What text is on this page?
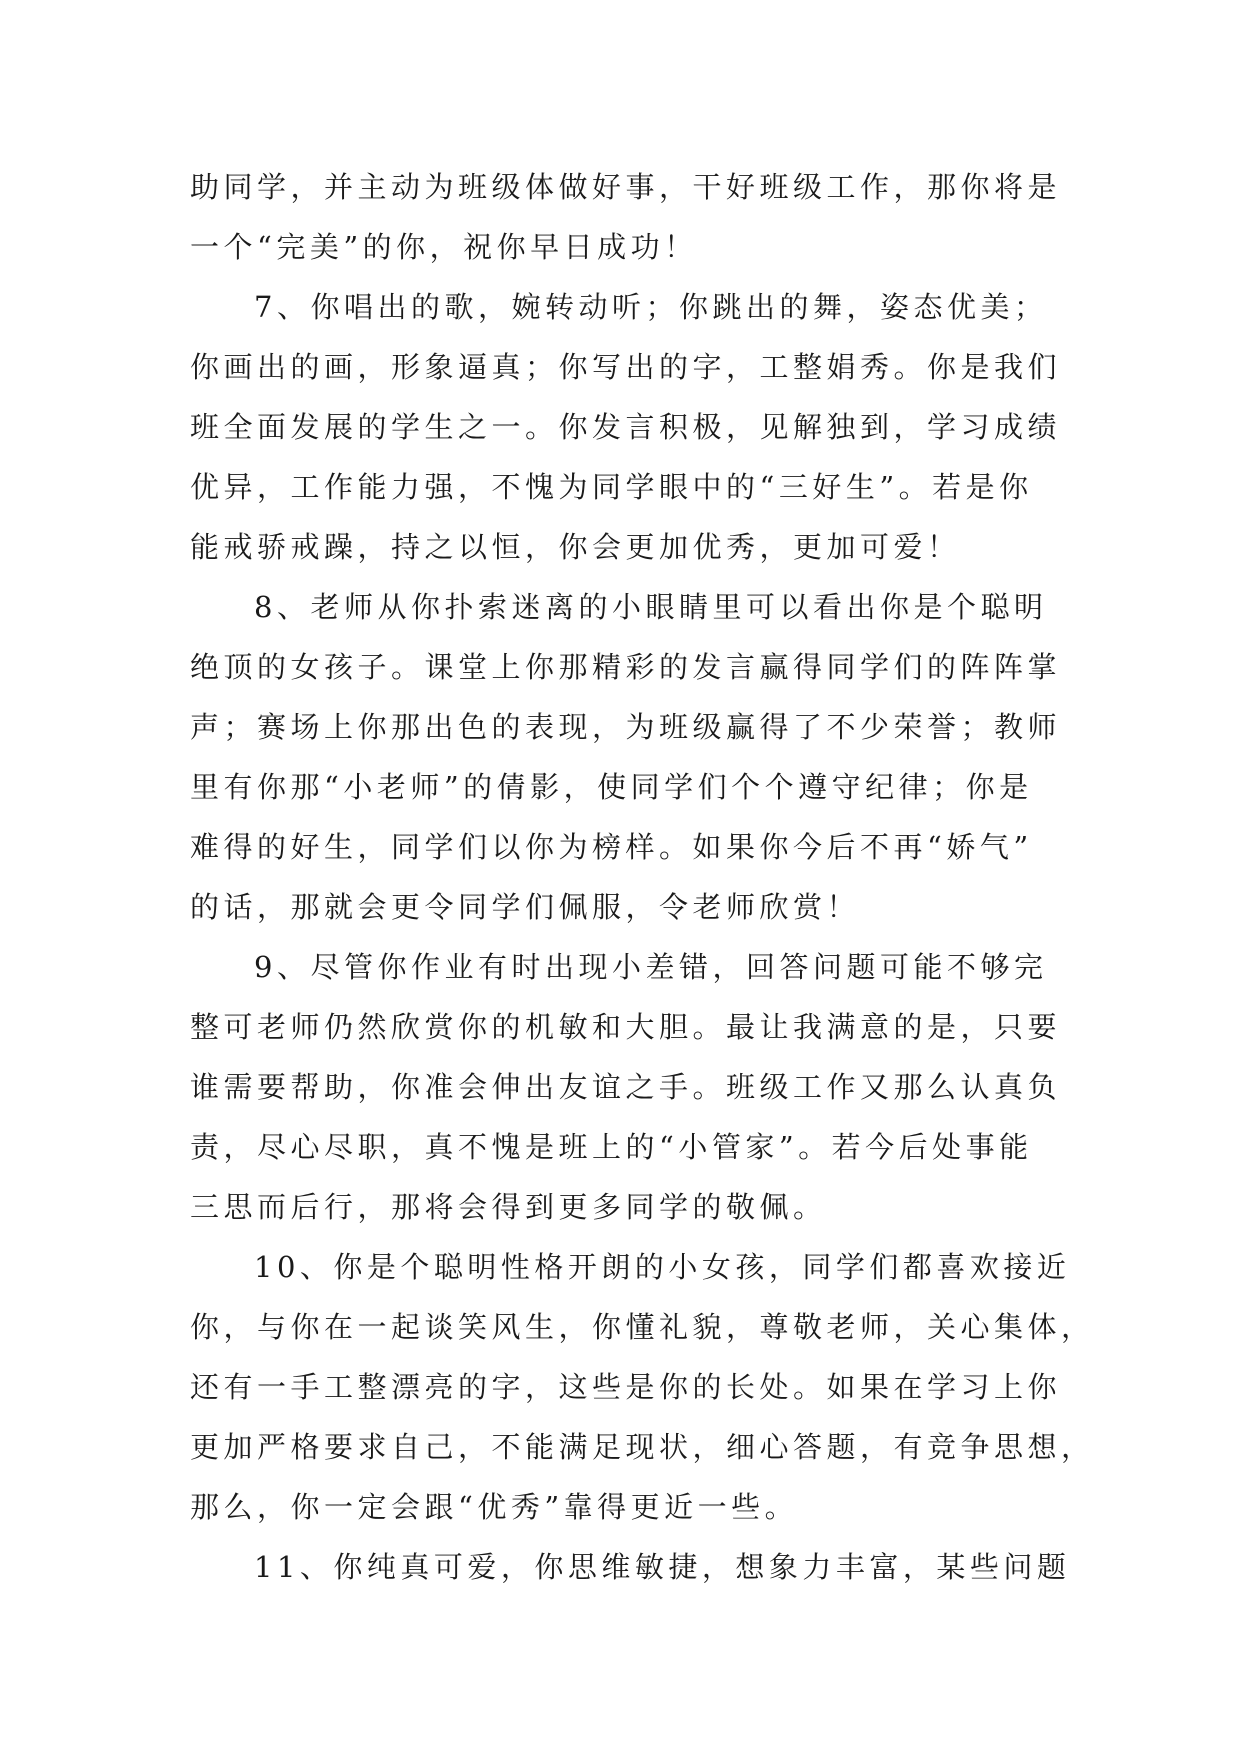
助同学，并主动为班级体做好事，干好班级工作，那你将是
一个“完美”的你，祝你早日成功！
7、你唱出的歌，婉转动听；你跳出的舞，姿态优美；
你画出的画，形象逼真；你写出的字，工整娟秀。你是我们
班全面发展的学生之一。你发言积极，见解独到，学习成绩
优异，工作能力强，不愧为同学眼中的“三好生”。若是你
能戒骄戒躁，持之以恒，你会更加优秀，更加可爱！
8、老师从你扑索迷离的小眼睛里可以看出你是个聪明
绝顶的女孩子。课堂上你那精彩的发言赢得同学们的阵阵掌
声；赛场上你那出色的表现，为班级赢得了不少荣誉；教师
里有你那“小老师”的倩影，使同学们个个遵守纪律；你是
难得的好生，同学们以你为榜样。如果你今后不再“娇气”
的话，那就会更令同学们佩服，令老师欣赏！
9、尽管你作业有时出现小差错，回答问题可能不够完
整可老师仍然欣赏你的机敏和大胆。最让我满意的是，只要
谁需要帮助，你准会伸出友谊之手。班级工作又那么认真负
责，尽心尽职，真不愧是班上的“小管家”。若今后处事能
三思而后行，那将会得到更多同学的敬佩。
10、你是个聪明性格开朗的小女孩，同学们都喜欢接近
你，与你在一起谈笑风生，你懂礼貌，尊敬老师，关心集体，
还有一手工整漂亮的字，这些是你的长处。如果在学习上你
更加严格要求自己，不能满足现状，细心答题，有竞争思想，
那么，你一定会跟“优秀”靠得更近一些。
11、你纯真可爱，你思维敏捷，想象力丰富，某些问题
